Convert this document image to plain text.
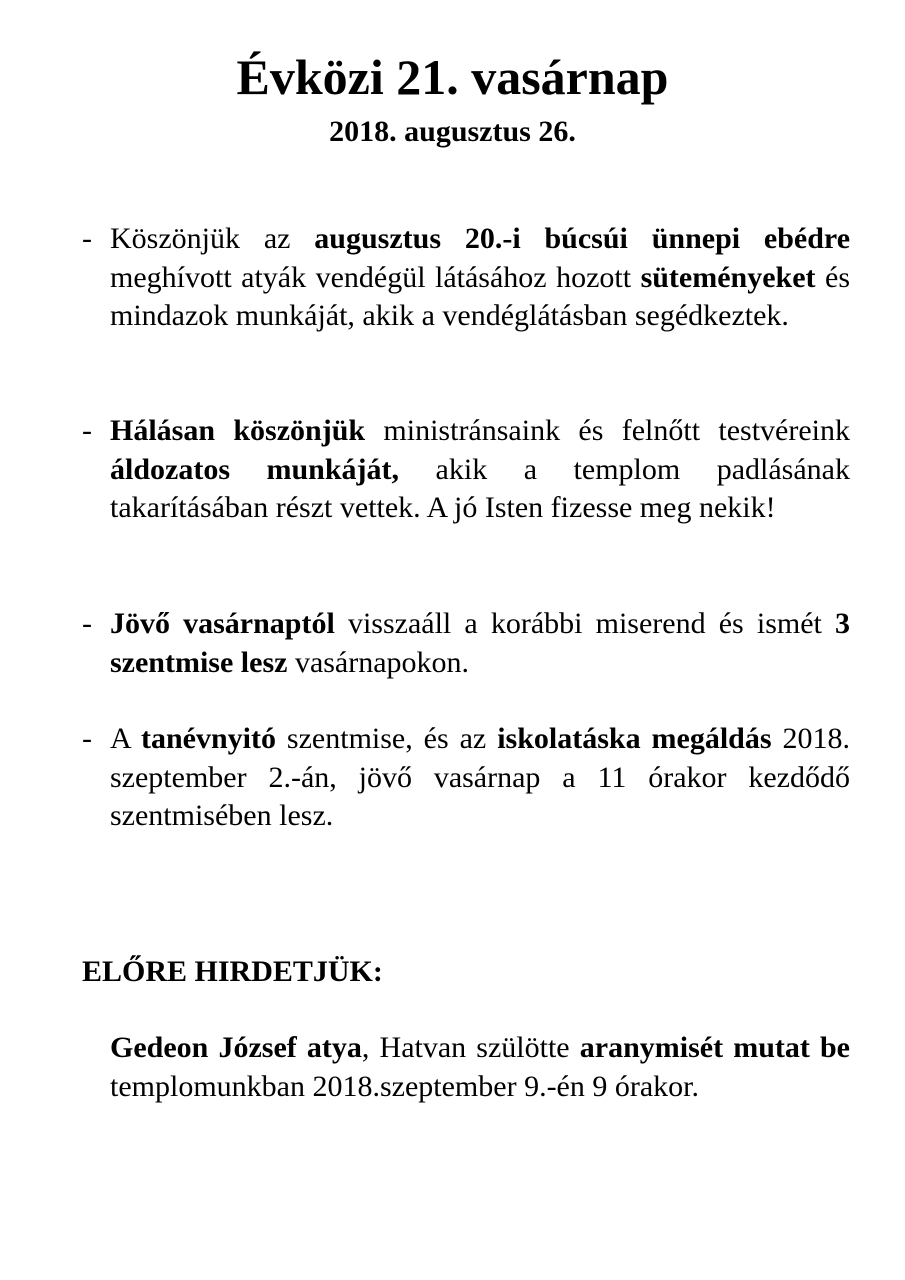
Évközi 21. vasárnap
2018. augusztus 26.
- Köszönjük az augusztus 20.-i búcsúi ünnepi ebédre meghívott atyák vendégül látásához hozott süteményeket és mindazok munkáját, akik a vendéglátásban segédkeztek.
- Hálásan köszönjük ministránsaink és felnőtt testvéreink áldozatos munkáját, akik a templom padlásának takarításában részt vettek. A jó Isten fizesse meg nekik!
- Jövő vasárnaptól visszaáll a korábbi miserend és ismét 3 szentmise lesz vasárnapokon.
- A tanévnyitó szentmise, és az iskolatáska megáldás 2018. szeptember 2.-án, jövő vasárnap a 11 órakor kezdődő szentmisében lesz.
ELŐRE HIRDETJÜK:
Gedeon József atya, Hatvan szülötte aranymisét mutat be templomunkban 2018.szeptember 9.-én 9 órakor.
